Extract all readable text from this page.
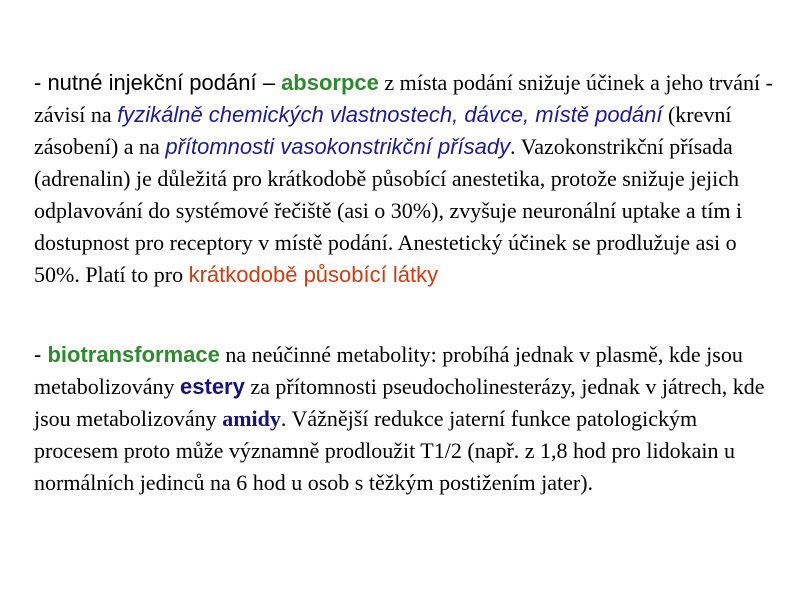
- nutné injekční podání – absorpce z místa podání snižuje účinek a jeho trvání - závisí na fyzikálně chemických vlastnostech, dávce, místě podání (krevní zásobení) a na přítomnosti vasokonstrikční přísady. Vazokonstrikční přísada (adrenalin) je důležitá pro krátkodobě působící anestetika, protože snižuje jejich odplavování do systémové řečiště (asi o 30%), zvyšuje neuronální uptake a tím i dostupnost pro receptory v místě podání. Anestetický účinek se prodlužuje asi o 50%. Platí to pro krátkodobě působící látky

- biotransformace na neúčinné metabolity: probíhá jednak v plasmě, kde jsou metabolizovány estery za přítomnosti pseudocholinesterázy, jednak v játrech, kde jsou metabolizovány amidy. Vážnější redukce jaterní funkce patologickým procesem proto může významně prodloužit T1/2 (např. z 1,8 hod pro lidokain u normálních jedinců na 6 hod u osob s těžkým postižením jater).
